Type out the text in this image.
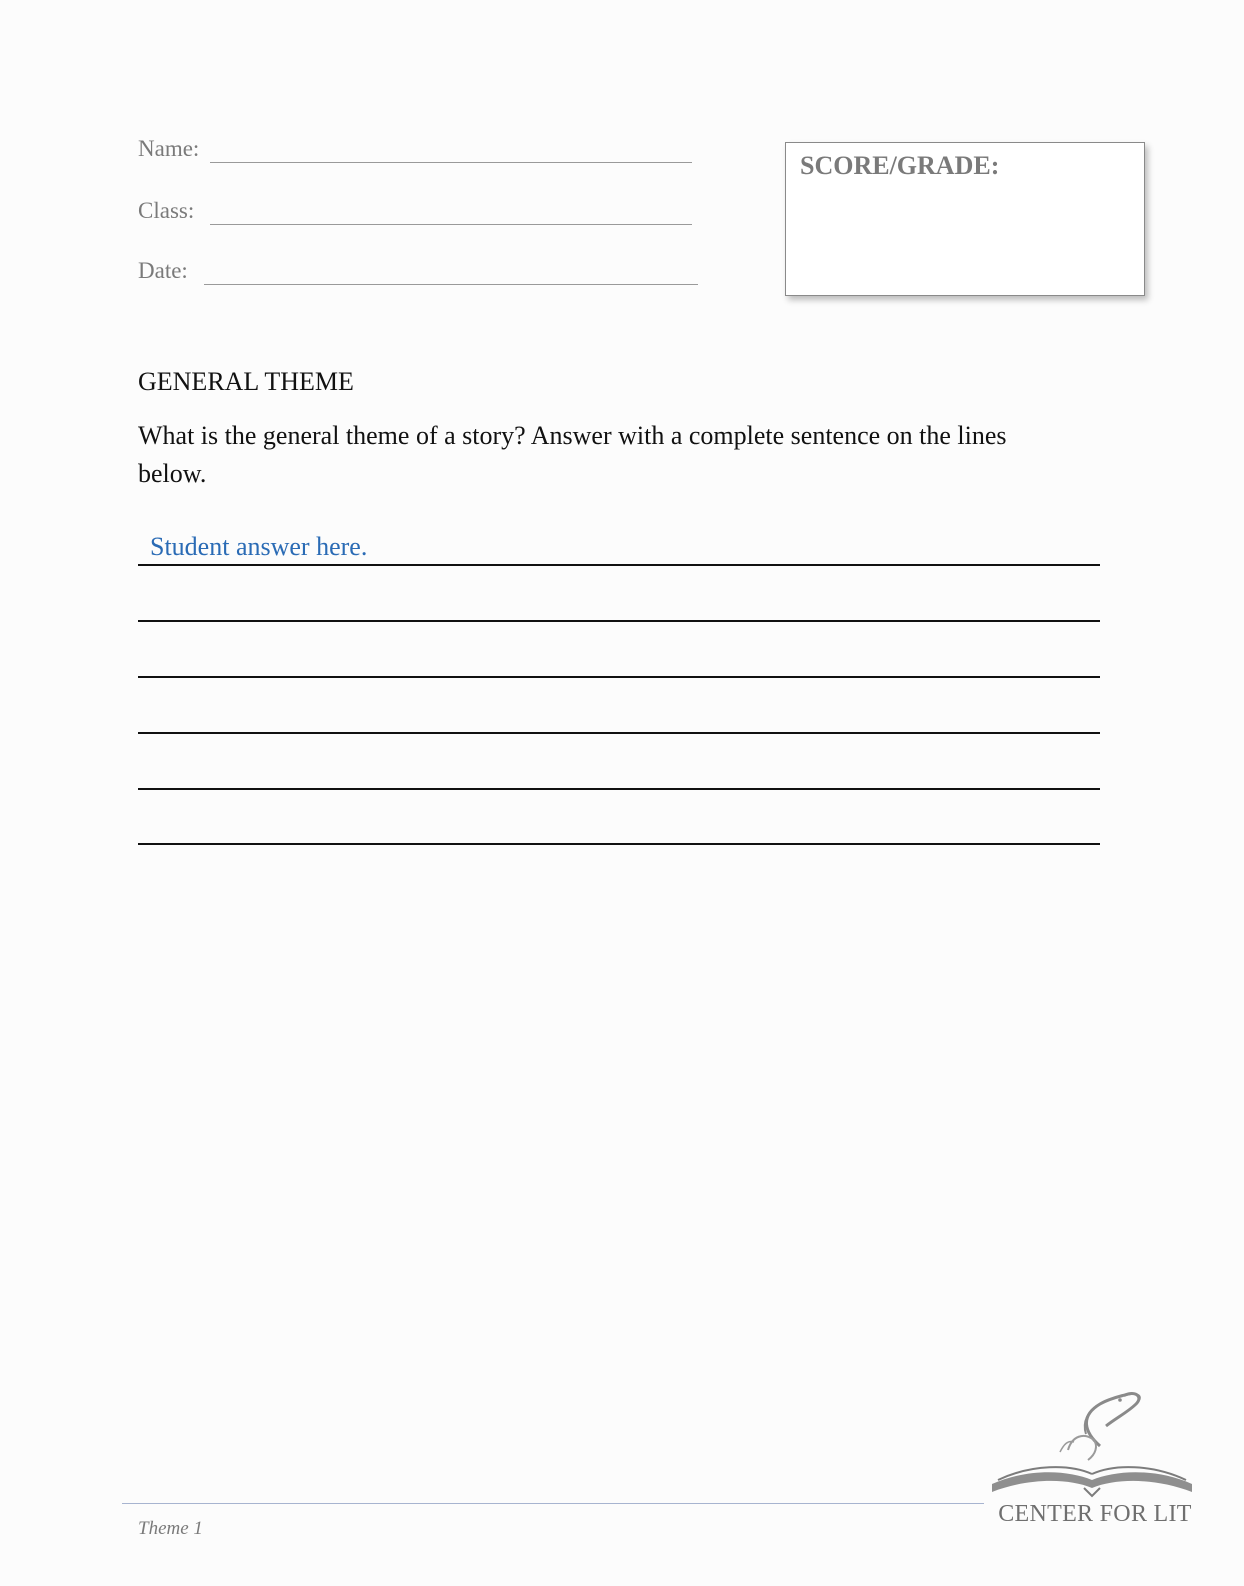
Name:
Class:
Date:
SCORE/GRADE:
GENERAL THEME
What is the general theme of a story? Answer with a complete sentence on the lines below.
Student answer here.
Theme 1
CENTER FOR LIT
